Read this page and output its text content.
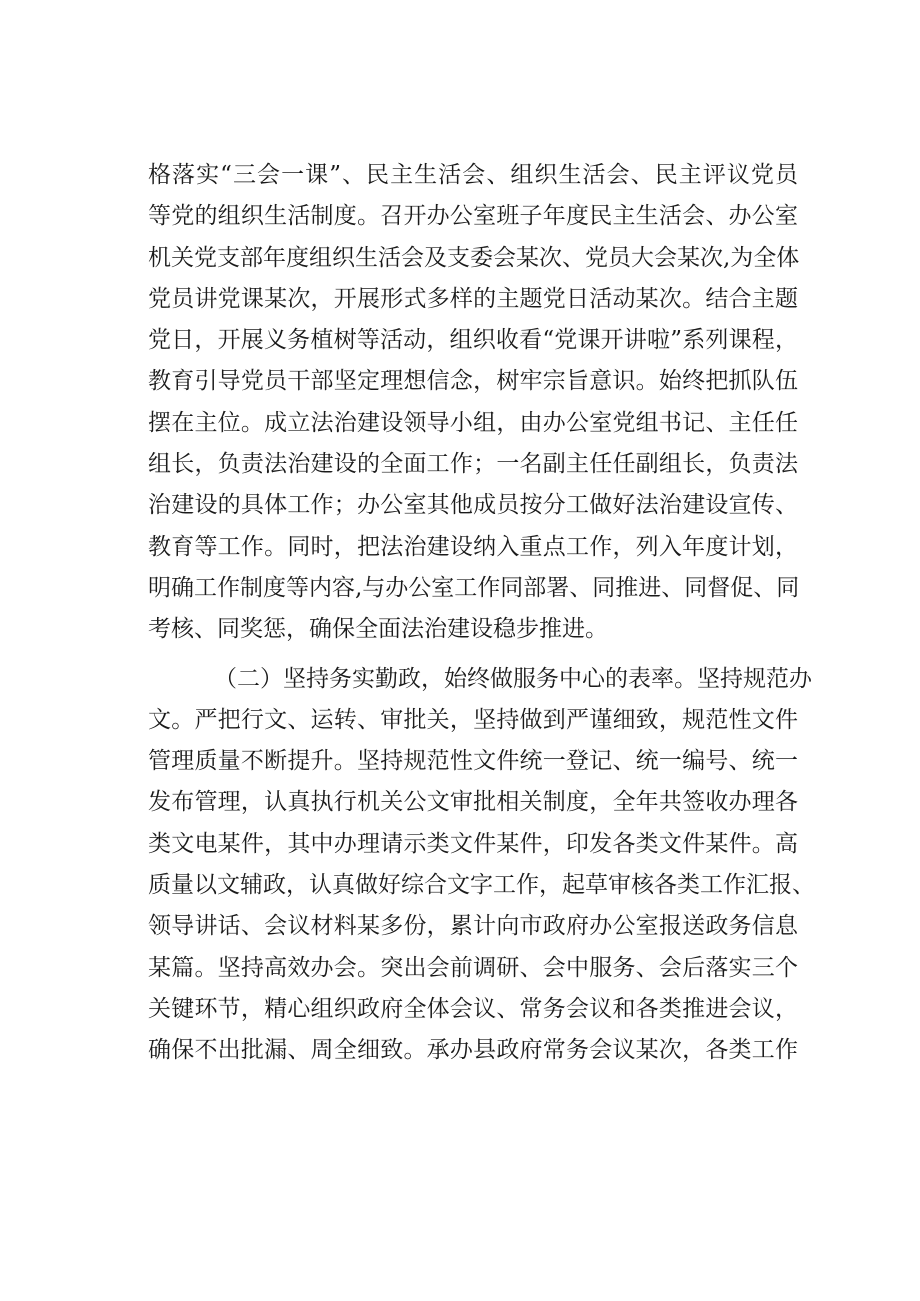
格落实“三会一课”、民主生活会、组织生活会、民主评议党员
等党的组织生活制度。召开办公室班子年度民主生活会、办公室
机关党支部年度组织生活会及支委会某次、党员大会某次,为全体
党员讲党课某次，开展形式多样的主题党日活动某次。结合主题
党日，开展义务植树等活动，组织收看“党课开讲啦”系列课程，
教育引导党员干部坚定理想信念，树牢宗旨意识。始终把抓队伍
摆在主位。成立法治建设领导小组，由办公室党组书记、主任任
组长，负责法治建设的全面工作；一名副主任任副组长，负责法
治建设的具体工作；办公室其他成员按分工做好法治建设宣传、
教育等工作。同时，把法治建设纳入重点工作，列入年度计划，
明确工作制度等内容,与办公室工作同部署、同推进、同督促、同
考核、同奖惩，确保全面法治建设稳步推进。
（二）坚持务实勤政，始终做服务中心的表率。坚持规范办
文。严把行文、运转、审批关，坚持做到严谨细致，规范性文件
管理质量不断提升。坚持规范性文件统一登记、统一编号、统一
发布管理，认真执行机关公文审批相关制度，全年共签收办理各
类文电某件，其中办理请示类文件某件，印发各类文件某件。高
质量以文辅政，认真做好综合文字工作，起草审核各类工作汇报、
领导讲话、会议材料某多份，累计向市政府办公室报送政务信息
某篇。坚持高效办会。突出会前调研、会中服务、会后落实三个
关键环节，精心组织政府全体会议、常务会议和各类推进会议，
确保不出批漏、周全细致。承办县政府常务会议某次，各类工作
